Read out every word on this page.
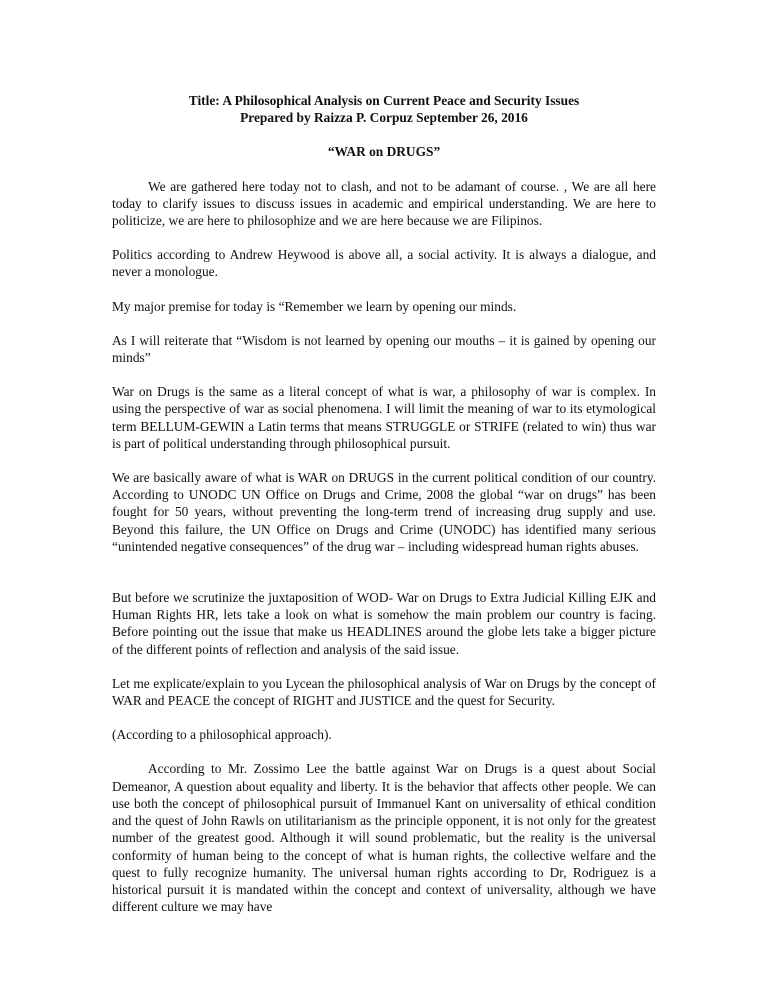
Title: A Philosophical Analysis on Current Peace and Security Issues
Prepared by Raizza P. Corpuz September 26, 2016
“WAR on DRUGS”

We are gathered here today not to clash, and not to be adamant of course. , We are all here today to clarify issues to discuss issues in academic and empirical understanding. We are here to politicize, we are here to philosophize and we are here because we are Filipinos.

Politics according to Andrew Heywood is above all, a social activity. It is always a dialogue, and never a monologue.

My major premise for today is “Remember we learn by opening our minds.

As I will reiterate that “Wisdom is not learned by opening our mouths – it is gained by opening our minds”

War on Drugs is the same as a literal concept of what is war, a philosophy of war is complex. In using the perspective of war as social phenomena. I will limit the meaning of war to its etymological term BELLUM-GEWIN a Latin terms that means STRUGGLE or STRIFE (related to win) thus war is part of political understanding through philosophical pursuit.

We are basically aware of what is WAR on DRUGS in the current political condition of our country. According to UNODC UN Office on Drugs and Crime, 2008 the global “war on drugs” has been fought for 50 years, without preventing the long-term trend of increasing drug supply and use. Beyond this failure, the UN Office on Drugs and Crime (UNODC) has identified many serious “unintended negative consequences” of the drug war – including widespread human rights abuses.

But before we scrutinize the juxtaposition of WOD- War on Drugs to Extra Judicial Killing EJK and Human Rights HR, lets take a look on what is somehow the main problem our country is facing. Before pointing out the issue that make us HEADLINES around the globe lets take a bigger picture of the different points of reflection and analysis of the said issue.

Let me explicate/explain to you Lycean the philosophical analysis of War on Drugs by the concept of WAR and PEACE the concept of RIGHT and JUSTICE and the quest for Security.

(According to a philosophical approach).

According to Mr. Zossimo Lee the battle against War on Drugs is a quest about Social Demeanor, A question about equality and liberty. It is the behavior that affects other people. We can use both the concept of philosophical pursuit of Immanuel Kant on universality of ethical condition and the quest of John Rawls on utilitarianism as the principle opponent, it is not only for the greatest number of the greatest good. Although it will sound problematic, but the reality is the universal conformity of human being to the concept of what is human rights, the collective welfare and the quest to fully recognize humanity. The universal human rights according to Dr, Rodriguez is a historical pursuit it is mandated within the concept and context of universality, although we have different culture we may have
